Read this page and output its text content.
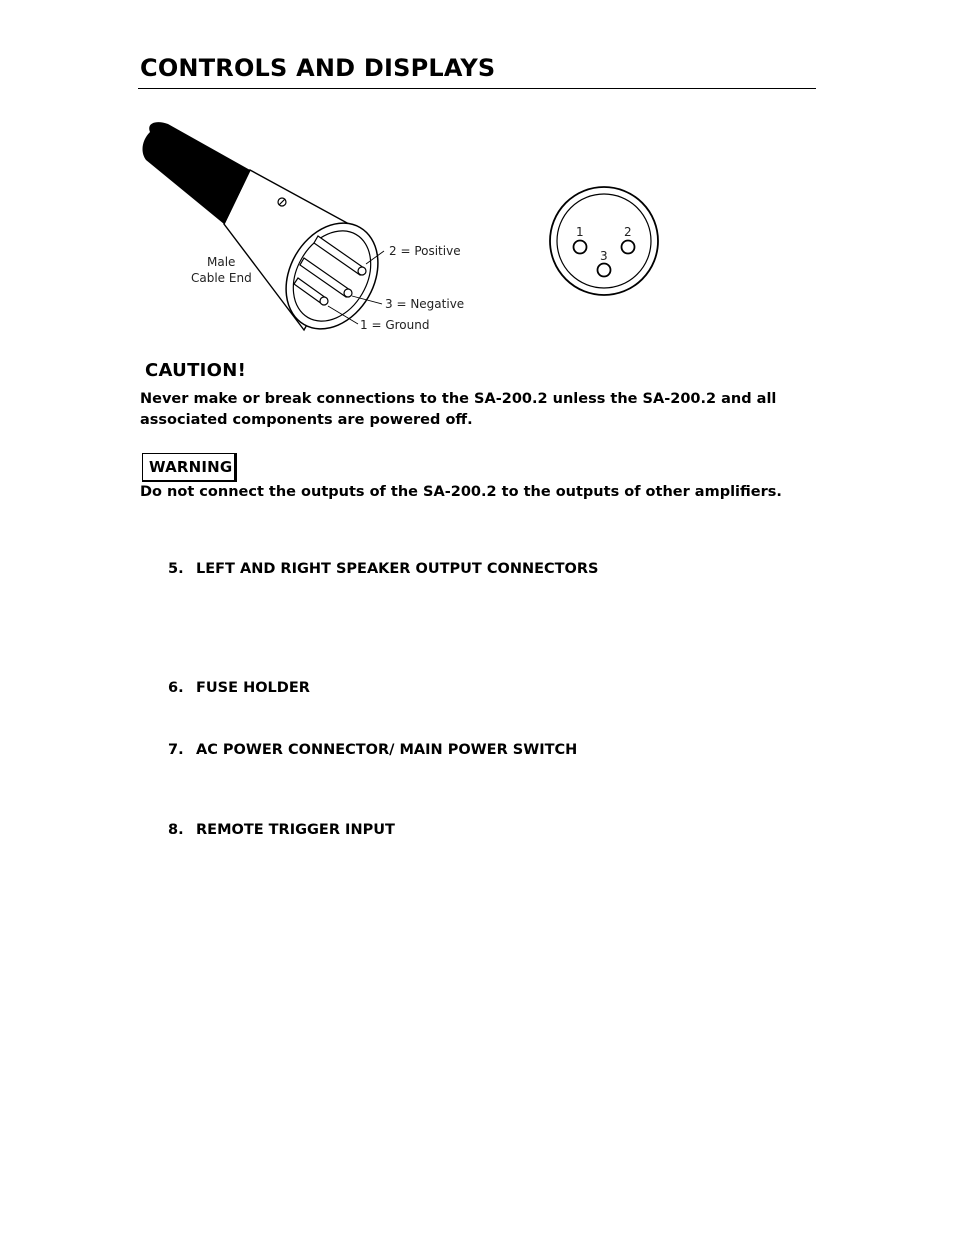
CONTROLS AND DISPLAYS
Male
Cable End
2 = Positive
3 = Negative
1 = Ground
1	2
3
CAUTION!
Never make or break connections to the SA-200.2 unless the SA-200.2 and all associated components are powered off.
WARNING
Do not connect the outputs of the SA-200.2 to the outputs of other amplifiers.
5. LEFT AND RIGHT SPEAKER OUTPUT CONNECTORS
6. FUSE HOLDER
7. AC POWER CONNECTOR/ MAIN POWER SWITCH
8. REMOTE TRIGGER INPUT
